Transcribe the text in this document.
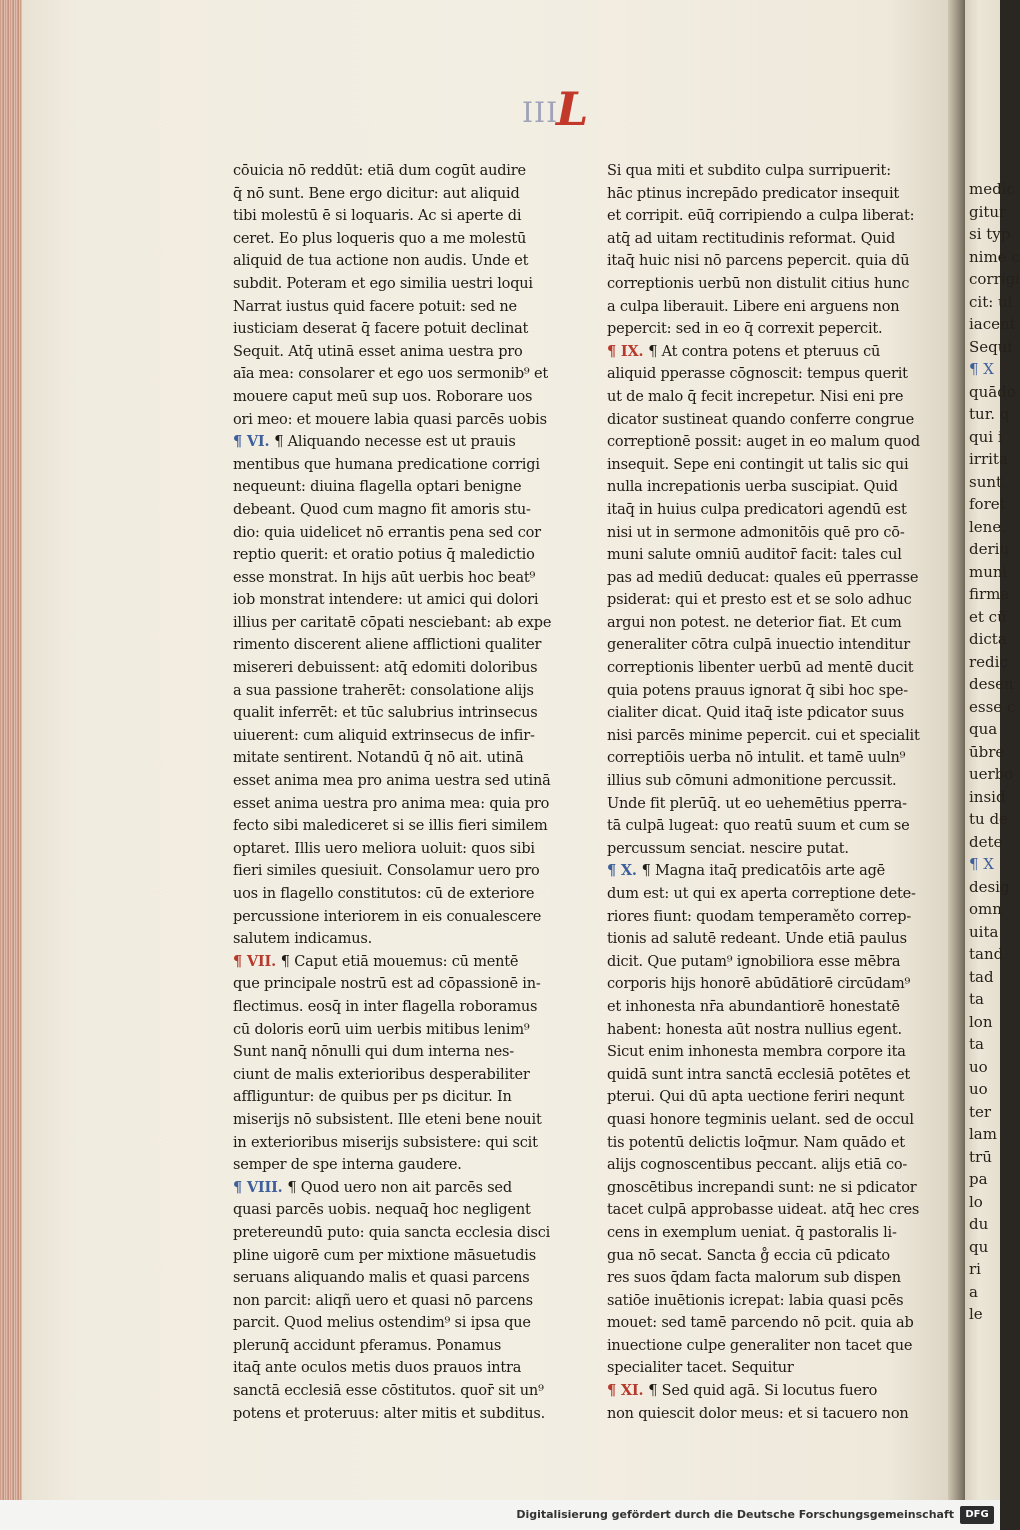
medic
gitur
si typ
nime c
corrigi
cit: ul
iacent
Sequi
¶ X
quādo
tur. q
qui i
irrita
sunt
foret
lene.
deriu
muni
firma
et cū
dicta
redic
desen
esse c
qua
ūbre
uerbo
insid
tu de
dete
¶ X
desig
omn
uita
tand
tad
ta
lon
ta
uo
uo
ter
lam
trū
pa
lo
du
qu
ri
a
le
III
L
cōuicia nō reddūt: etiā dum cogūt audire
q̄ nō sunt. Bene ergo dicitur: aut aliquid
tibi molestū ē si loquaris. Ac si aperte di
ceret. Eo plus loqueris quo a me molestū
aliquid de tua actione non audis. Unde et
subdit. Poteram et ego similia uestri loqui
Narrat iustus quid facere potuit: sed ne
iusticiam deserat q̄ facere potuit declinat
Sequit. Atq̄ utinā esset anima uestra pro
aīa mea: consolarer et ego uos sermonib⁹ et
mouere caput meū sup uos. Roborare uos
ori meo: et mouere labia quasi parcēs uobis
¶ VI. ¶ Aliquando necesse est ut prauis
mentibus que humana predicatione corrigi
nequeunt: diuina flagella optari benigne
debeant. Quod cum magno fit amoris stu-
dio: quia uidelicet nō errantis pena sed cor
reptio querit: et oratio potius q̄ maledictio
esse monstrat. In hijs aūt uerbis hoc beat⁹
iob monstrat intendere: ut amici qui dolori
illius per caritatē cōpati nesciebant: ab expe
rimento discerent aliene afflictioni qualiter
misereri debuissent: atq̄ edomiti doloribus
a sua passione traherēt: consolatione alijs
qualit inferrēt: et tūc salubrius intrinsecus
uiuerent: cum aliquid extrinsecus de infir-
mitate sentirent. Notandū q̄ nō ait. utinā
esset anima mea pro anima uestra sed utinā
esset anima uestra pro anima mea: quia pro
fecto sibi malediceret si se illis fieri similem
optaret. Illis uero meliora uoluit: quos sibi
fieri similes quesiuit. Consolamur uero pro
uos in flagello constitutos: cū de exteriore
percussione interiorem in eis conualescere
salutem indicamus.
¶ VII. ¶ Caput etiā mouemus: cū mentē
que principale nostrū est ad cōpassionē in-
flectimus. eosq̄ in inter flagella roboramus
cū doloris eorū uim uerbis mitibus lenim⁹
Sunt nanq̄ nōnulli qui dum interna nes-
ciunt de malis exterioribus desperabiliter
affliguntur: de quibus per ps dicitur. In
miserijs nō subsistent. Ille eteni bene nouit
in exterioribus miserijs subsistere: qui scit
semper de spe interna gaudere.
¶ VIII. ¶ Quod uero non ait parcēs sed
quasi parcēs uobis. nequaq̄ hoc negligent
pretereundū puto: quia sancta ecclesia disci
pline uigorē cum per mixtione māsuetudis
seruans aliquando malis et quasi parcens
non parcit: aliqñ uero et quasi nō parcens
parcit. Quod melius ostendim⁹ si ipsa que
plerunq̄ accidunt pferamus. Ponamus
itaq̄ ante oculos metis duos prauos intra
sanctā ecclesiā esse cōstitutos. quor̄ sit un⁹
potens et proteruus: alter mitis et subditus.
Si qua miti et subdito culpa surripuerit:
hāc ptinus increpādo predicator insequit
et corripit. eūq̄ corripiendo a culpa liberat:
atq̄ ad uitam rectitudinis reformat. Quid
itaq̄ huic nisi nō parcens pepercit. quia dū
correptionis uerbū non distulit citius hunc
a culpa liberauit. Libere eni arguens non
pepercit: sed in eo q̄ correxit pepercit.
¶ IX. ¶ At contra potens et pteruus cū
aliquid pperasse cōgnoscit: tempus querit
ut de malo q̄ fecit increpetur. Nisi eni pre
dicator sustineat quando conferre congrue
correptionē possit: auget in eo malum quod
insequit. Sepe eni contingit ut talis sic qui
nulla increpationis uerba suscipiat. Quid
itaq̄ in huius culpa predicatori agendū est
nisi ut in sermone admonitōis quē pro cō-
muni salute omniū auditor̄ facit: tales cul
pas ad mediū deducat: quales eū pperrasse
psiderat: qui et presto est et se solo adhuc
argui non potest. ne deterior fiat. Et cum
generaliter cōtra culpā inuectio intenditur
correptionis libenter uerbū ad mentē ducit
quia potens prauus ignorat q̄ sibi hoc spe-
cialiter dicat. Quid itaq̄ iste pdicator suus
nisi parcēs minime pepercit. cui et specialit
correptiōis uerba nō intulit. et tamē uuln⁹
illius sub cōmuni admonitione percussit.
Unde fit plerūq̄. ut eo uehemētius pperra-
tā culpā lugeat: quo reatū suum et cum se
percussum senciat. nescire putat.
¶ X. ¶ Magna itaq̄ predicatōis arte agē
dum est: ut qui ex aperta correptione dete-
riores fiunt: quodam temperaměto correp-
tionis ad salutē redeant. Unde etiā paulus
dicit. Que putam⁹ ignobiliora esse mēbra
corporis hijs honorē abūdātiorē circūdam⁹
et inhonesta nr̄a abundantiorē honestatē
habent: honesta aūt nostra nullius egent.
Sicut enim inhonesta membra corpore ita
quidā sunt intra sanctā ecclesiā potētes et
pterui. Qui dū apta uectione feriri nequnt
quasi honore tegminis uelant. sed de occul
tis potentū delictis loq̄mur. Nam quādo et
alijs cognoscentibus peccant. alijs etiā co-
gnoscētibus increpandi sunt: ne si pdicator
tacet culpā approbasse uideat. atq̄ hec cres
cens in exemplum ueniat. q̄ pastoralis li-
gua nō secat. Sancta g̊ eccia cū pdicato
res suos q̄dam facta malorum sub dispen
satiōe inuētionis icrepat: labia quasi pcēs
mouet: sed tamē parcendo nō pcit. quia ab
inuectione culpe generaliter non tacet que
specialiter tacet. Sequitur
¶ XI. ¶ Sed quid agā. Si locutus fuero
non quiescit dolor meus: et si tacuero non
Digitalisierung gefördert durch die Deutsche Forschungsgemeinschaft	DFG
